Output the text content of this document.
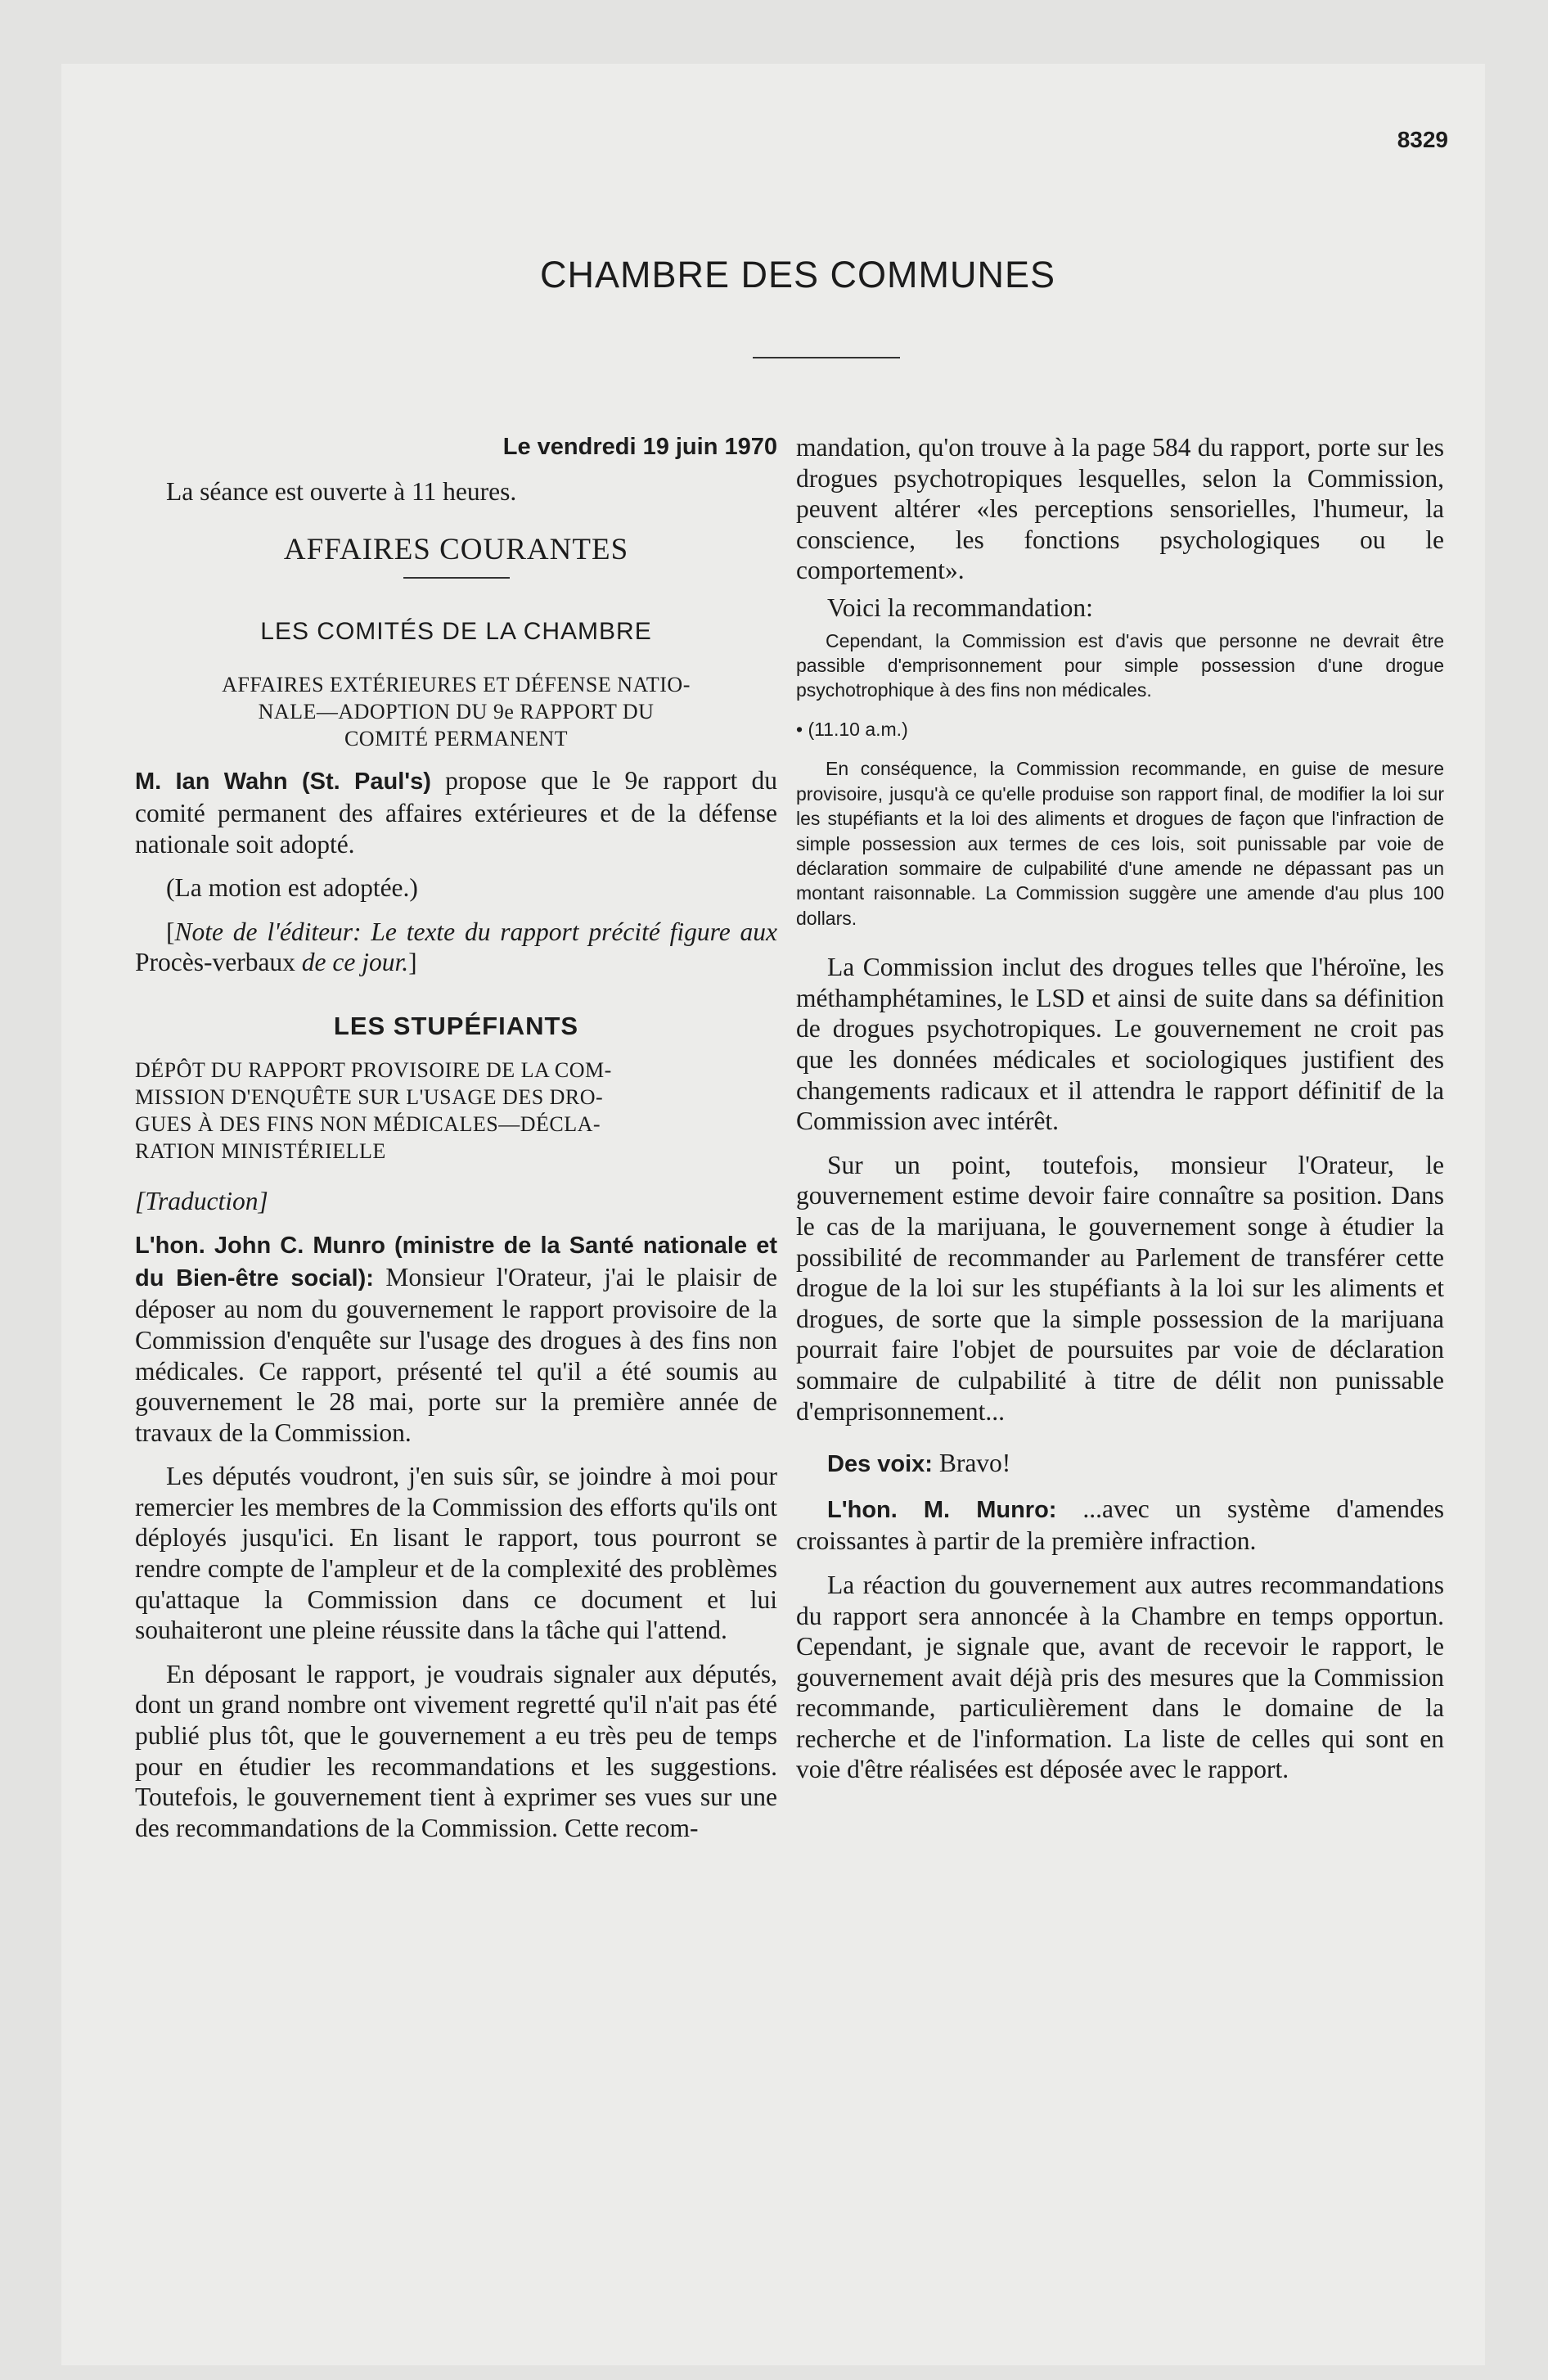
8329
CHAMBRE DES COMMUNES

Le vendredi 19 juin 1970

La séance est ouverte à 11 heures.

AFFAIRES COURANTES

LES COMITÉS DE LA CHAMBRE

AFFAIRES EXTÉRIEURES ET DÉFENSE NATIO-
NALE—ADOPTION DU 9e RAPPORT DU
COMITÉ PERMANENT

M. Ian Wahn (St. Paul's) propose que le 9e rapport du comité permanent des affaires extérieures et de la défense nationale soit adopté.

(La motion est adoptée.)

[Note de l'éditeur: Le texte du rapport précité figure aux Procès-verbaux de ce jour.]

LES STUPÉFIANTS

DÉPÔT DU RAPPORT PROVISOIRE DE LA COM-
MISSION D'ENQUÊTE SUR L'USAGE DES DRO-
GUES À DES FINS NON MÉDICALES—DÉCLA-
RATION MINISTÉRIELLE

[Traduction]

L'hon. John C. Munro (ministre de la Santé nationale et du Bien-être social): Monsieur l'Orateur, j'ai le plaisir de déposer au nom du gouvernement le rapport provisoire de la Commission d'enquête sur l'usage des drogues à des fins non médicales. Ce rapport, présenté tel qu'il a été soumis au gouvernement le 28 mai, porte sur la première année de travaux de la Commission.

Les députés voudront, j'en suis sûr, se joindre à moi pour remercier les membres de la Commission des efforts qu'ils ont déployés jusqu'ici. En lisant le rapport, tous pourront se rendre compte de l'ampleur et de la complexité des problèmes qu'attaque la Commission dans ce document et lui souhaiteront une pleine réussite dans la tâche qui l'attend.

En déposant le rapport, je voudrais signaler aux députés, dont un grand nombre ont vivement regretté qu'il n'ait pas été publié plus tôt, que le gouvernement a eu très peu de temps pour en étudier les recommandations et les suggestions. Toutefois, le gouvernement tient à exprimer ses vues sur une des recommandations de la Commission. Cette recom-

mandation, qu'on trouve à la page 584 du rapport, porte sur les drogues psychotropiques lesquelles, selon la Commission, peuvent altérer «les perceptions sensorielles, l'humeur, la conscience, les fonctions psychologiques ou le comportement».

Voici la recommandation:

Cependant, la Commission est d'avis que personne ne devrait être passible d'emprisonnement pour simple possession d'une drogue psychotrophique à des fins non médicales.

• (11.10 a.m.)

En conséquence, la Commission recommande, en guise de mesure provisoire, jusqu'à ce qu'elle produise son rapport final, de modifier la loi sur les stupéfiants et la loi des aliments et drogues de façon que l'infraction de simple possession aux termes de ces lois, soit punissable par voie de déclaration sommaire de culpabilité d'une amende ne dépassant pas un montant raisonnable. La Commission suggère une amende d'au plus 100 dollars.

La Commission inclut des drogues telles que l'héroïne, les méthamphétamines, le LSD et ainsi de suite dans sa définition de drogues psychotropiques. Le gouvernement ne croit pas que les données médicales et sociologiques justifient des changements radicaux et il attendra le rapport définitif de la Commission avec intérêt.

Sur un point, toutefois, monsieur l'Orateur, le gouvernement estime devoir faire connaître sa position. Dans le cas de la marijuana, le gouvernement songe à étudier la possibilité de recommander au Parlement de transférer cette drogue de la loi sur les stupéfiants à la loi sur les aliments et drogues, de sorte que la simple possession de la marijuana pourrait faire l'objet de poursuites par voie de déclaration sommaire de culpabilité à titre de délit non punissable d'emprisonnement...

Des voix: Bravo!

L'hon. M. Munro: ...avec un système d'amendes croissantes à partir de la première infraction.

La réaction du gouvernement aux autres recommandations du rapport sera annoncée à la Chambre en temps opportun. Cependant, je signale que, avant de recevoir le rapport, le gouvernement avait déjà pris des mesures que la Commission recommande, particulièrement dans le domaine de la recherche et de l'information. La liste de celles qui sont en voie d'être réalisées est déposée avec le rapport.
